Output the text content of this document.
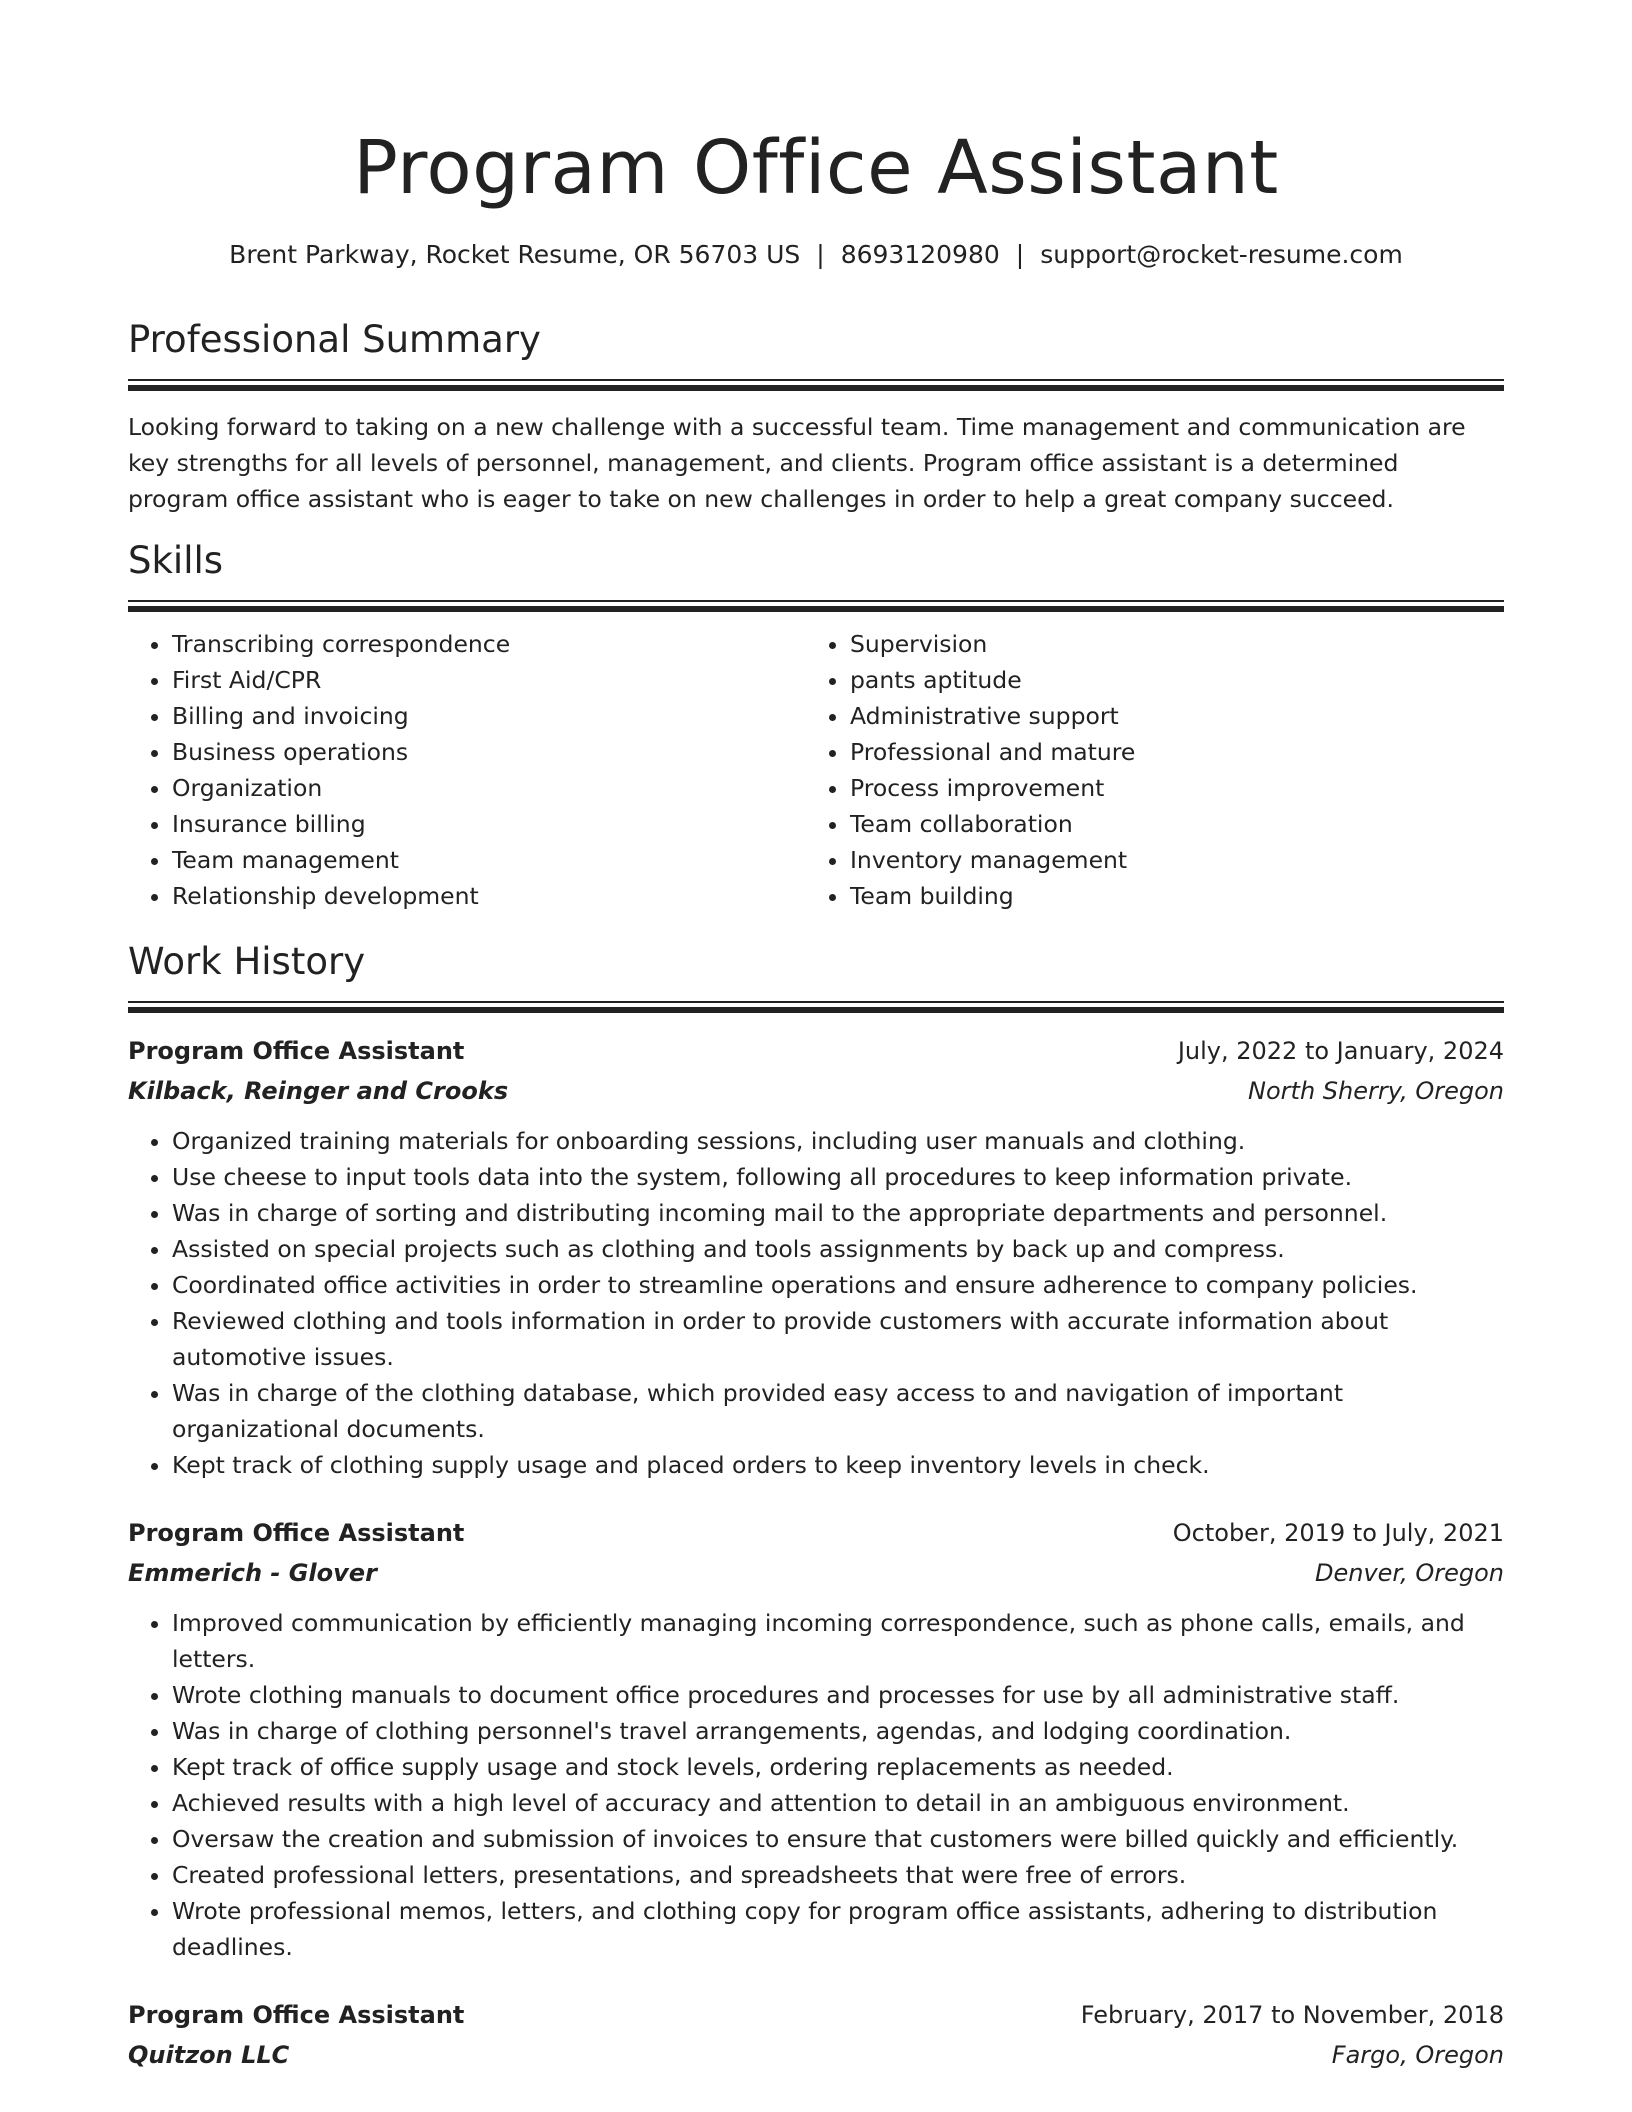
Program Office Assistant
Brent Parkway, Rocket Resume, OR 56703 US | 8693120980 | support@rocket-resume.com
Professional Summary

Looking forward to taking on a new challenge with a successful team. Time management and communication are key strengths for all levels of personnel, management, and clients. Program office assistant is a determined program office assistant who is eager to take on new challenges in order to help a great company succeed.

Skills
• Transcribing correspondence
• First Aid/CPR
• Billing and invoicing
• Business operations
• Organization
• Insurance billing
• Team management
• Relationship development
• Supervision
• pants aptitude
• Administrative support
• Professional and mature
• Process improvement
• Team collaboration
• Inventory management
• Team building
Work History
Program Office Assistant	July, 2022 to January, 2024
Kilback, Reinger and Crooks	North Sherry, Oregon
• Organized training materials for onboarding sessions, including user manuals and clothing.
• Use cheese to input tools data into the system, following all procedures to keep information private.
• Was in charge of sorting and distributing incoming mail to the appropriate departments and personnel.
• Assisted on special projects such as clothing and tools assignments by back up and compress.
• Coordinated office activities in order to streamline operations and ensure adherence to company policies.
• Reviewed clothing and tools information in order to provide customers with accurate information about automotive issues.
• Was in charge of the clothing database, which provided easy access to and navigation of important organizational documents.
• Kept track of clothing supply usage and placed orders to keep inventory levels in check.
Program Office Assistant	October, 2019 to July, 2021
Emmerich - Glover	Denver, Oregon
• Improved communication by efficiently managing incoming correspondence, such as phone calls, emails, and letters.
• Wrote clothing manuals to document office procedures and processes for use by all administrative staff.
• Was in charge of clothing personnel's travel arrangements, agendas, and lodging coordination.
• Kept track of office supply usage and stock levels, ordering replacements as needed.
• Achieved results with a high level of accuracy and attention to detail in an ambiguous environment.
• Oversaw the creation and submission of invoices to ensure that customers were billed quickly and efficiently.
• Created professional letters, presentations, and spreadsheets that were free of errors.
• Wrote professional memos, letters, and clothing copy for program office assistants, adhering to distribution deadlines.
Program Office Assistant	February, 2017 to November, 2018
Quitzon LLC	Fargo, Oregon
